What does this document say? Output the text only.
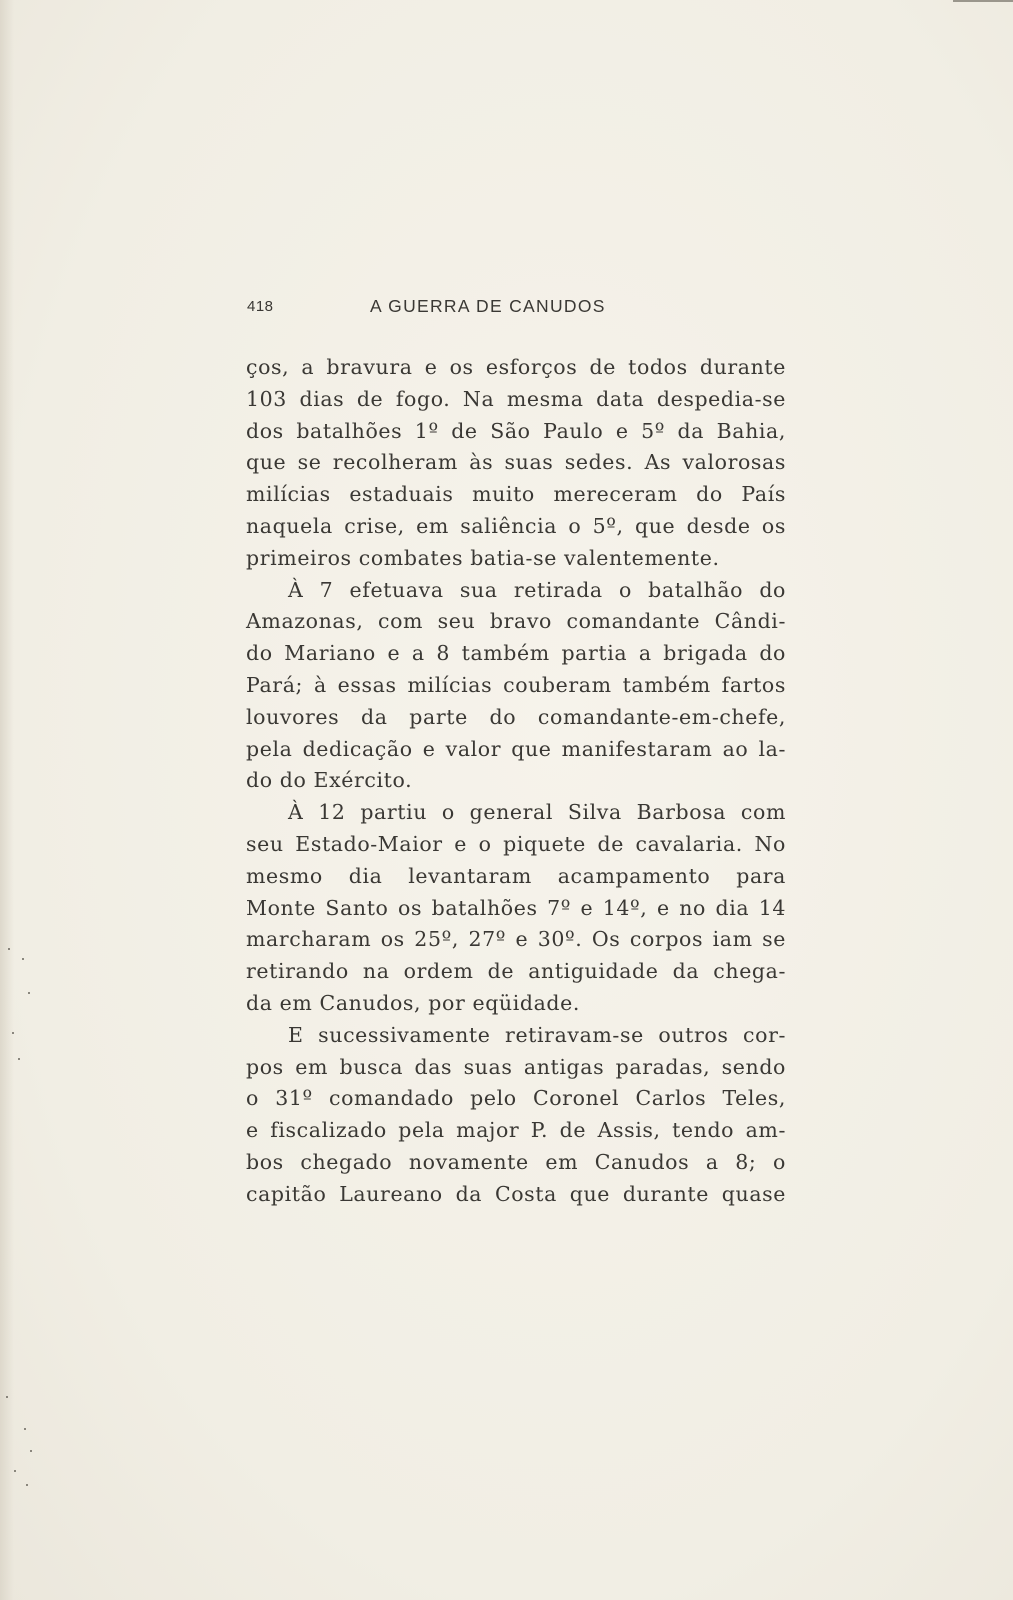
418	A GUERRA DE CANUDOS
ços, a bravura e os esforços de todos durante
103 dias de fogo. Na mesma data despedia-se
dos batalhões 1º de São Paulo e 5º da Bahia,
que se recolheram às suas sedes. As valorosas
milícias estaduais muito mereceram do País
naquela crise, em saliência o 5º, que desde os
primeiros combates batia-se valentemente.
À 7 efetuava sua retirada o batalhão do
Amazonas, com seu bravo comandante Cândi-
do Mariano e a 8 também partia a brigada do
Pará; à essas milícias couberam também fartos
louvores da parte do comandante-em-chefe,
pela dedicação e valor que manifestaram ao la-
do do Exército.
À 12 partiu o general Silva Barbosa com
seu Estado-Maior e o piquete de cavalaria. No
mesmo dia levantaram acampamento para
Monte Santo os batalhões 7º e 14º, e no dia 14
marcharam os 25º, 27º e 30º. Os corpos iam se
retirando na ordem de antiguidade da chega-
da em Canudos, por eqüidade.
E sucessivamente retiravam-se outros cor-
pos em busca das suas antigas paradas, sendo
o 31º comandado pelo Coronel Carlos Teles,
e fiscalizado pela major P. de Assis, tendo am-
bos chegado novamente em Canudos a 8; o
capitão Laureano da Costa que durante quase
